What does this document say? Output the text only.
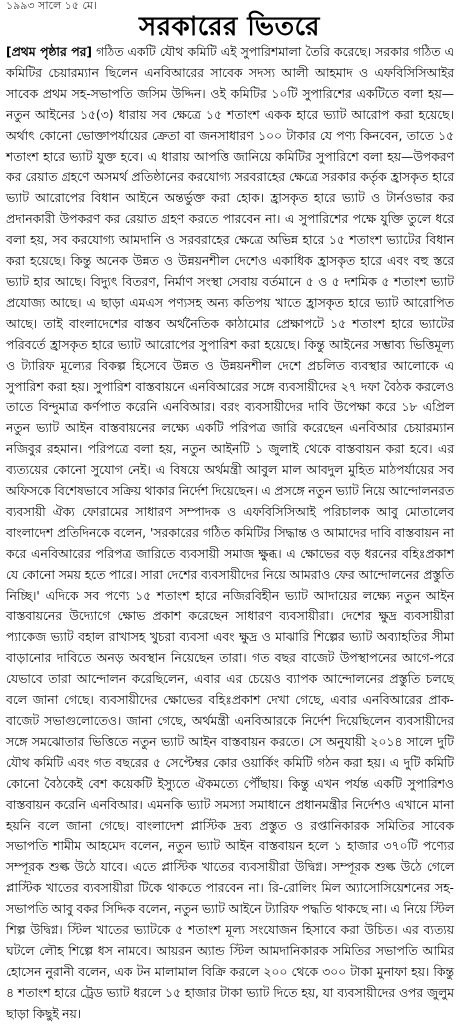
১৯৯৩ সালে ১৫ মে।
সরকারের ভিতরে

[প্রথম পৃষ্ঠার পর] গঠিত একটি যৌথ কমিটি এই সুপারিশমালা তৈরি করেছে। সরকার গঠিত এ কমিটির চেয়ারম্যান ছিলেন এনবিআরের সাবেক সদস্য আলী আহমাদ ও এফবিসিসিআইর সাবেক প্রথম সহ-সভাপতি জসিম উদ্দিন। ওই কমিটির ১০টি সুপারিশের একটিতে বলা হয়—নতুন আইনের ১৫(৩) ধারায় সব ক্ষেত্রে ১৫ শতাংশ একক হারে ভ্যাট আরোপ করা হয়েছে। অর্থাৎ কোনো ভোক্তাপর্যায়ের ক্রেতা বা জনসাধারণ ১০০ টাকার যে পণ্য কিনবেন, তাতে ১৫ শতাংশ হারে ভ্যাট যুক্ত হবে। এ ধারায় আপত্তি জানিয়ে কমিটির সুপারিশে বলা হয়—উপকরণ কর রেয়াত গ্রহণে অসমর্থ প্রতিষ্ঠানের করযোগ্য সরবরাহের ক্ষেত্রে সরকার কর্তৃক হ্রাসকৃত হারে ভ্যাট আরোপের বিধান আইনে অন্তর্ভুক্ত করা হোক। হ্রাসকৃত হারে ভ্যাট ও টার্নওভার কর প্রদানকারী উপকরণ কর রেয়াত গ্রহণ করতে পারবেন না। এ সুপারিশের পক্ষে যুক্তি তুলে ধরে বলা হয়, সব করযোগ্য আমদানি ও সরবরাহের ক্ষেত্রে অভিন্ন হারে ১৫ শতাংশ ভ্যাটের বিধান করা হয়েছে। কিন্তু অনেক উন্নত ও উন্নয়নশীল দেশেও একাধিক হ্রাসকৃত হারে এবং বহু স্তরে ভ্যাট হার আছে। বিদ্যুৎ বিতরণ, নির্মাণ সংস্থা সেবায় বর্তমানে ৫ ও ৫ দশমিক ৫ শতাংশ ভ্যাট প্রযোজ্য আছে। এ ছাড়া এমএস পণ্যসহ অন্য কতিপয় খাতে হ্রাসকৃত হারে ভ্যাট আরোপিত আছে। তাই বাংলাদেশের বাস্তব অর্থনৈতিক কাঠামোর প্রেক্ষাপটে ১৫ শতাংশ হারে ভ্যাটের পরিবর্তে হ্রাসকৃত হারে ভ্যাট আরোপের সুপারিশ করা হয়েছে। কিন্তু আইনের সম্ভাব্য ভিত্তিমূল্য ও ট্যারিফ মূল্যের বিকল্প হিসেবে উন্নত ও উন্নয়নশীল দেশে প্রচলিত ব্যবস্থার আলোকে এ সুপারিশ করা হয়। সুপারিশ বাস্তবায়নে এনবিআরের সঙ্গে ব্যবসায়ীদের ২৭ দফা বৈঠক করলেও তাতে বিন্দুমাত্র কর্ণপাত করেনি এনবিআর। বরং ব্যবসায়ীদের দাবি উপেক্ষা করে ১৮ এপ্রিল নতুন ভ্যাট আইন বাস্তবায়নের লক্ষ্যে একটি পরিপত্র জারি করেছেন এনবিআর চেয়ারম্যান নজিবুর রহমান। পরিপত্রে বলা হয়, নতুন আইনটি ১ জুলাই থেকে বাস্তবায়ন করা হবে। এর ব্যত্যয়ের কোনো সুযোগ নেই। এ বিষয়ে অর্থমন্ত্রী আবুল মাল আবদুল মুহিত মাঠপর্যায়ের সব অফিসকে বিশেষভাবে সক্রিয় থাকার নির্দেশ দিয়েছেন। এ প্রসঙ্গে নতুন ভ্যাট নিয়ে আন্দোলনরত ব্যবসায়ী ঐক্য ফোরামের সাধারণ সম্পাদক ও এফবিসিসিআই পরিচালক আবু মোতালেব বাংলাদেশ প্রতিদিনকে বলেন, 'সরকারের গঠিত কমিটির সিদ্ধান্ত ও আমাদের দাবি বাস্তবায়ন না করে এনবিআরের পরিপত্র জারিতে ব্যবসায়ী সমাজ ক্ষুব্ধ। এ ক্ষোভের বড় ধরনের বহিঃপ্রকাশ যে কোনো সময় হতে পারে। সারা দেশের ব্যবসায়ীদের নিয়ে আমরাও ফের আন্দোলনের প্রস্তুতি নিচ্ছি।' এদিকে সব পণ্যে ১৫ শতাংশ হারে নজিরবিহীন ভ্যাট আদায়ের লক্ষ্যে নতুন আইন বাস্তবায়নের উদ্যোগে ক্ষোভ প্রকাশ করেছেন সাধারণ ব্যবসায়ীরা। দেশের ক্ষুদ্র ব্যবসায়ীরা প্যাকেজ ভ্যাট বহাল রাখাসহ খুচরা ব্যবসা এবং ক্ষুদ্র ও মাঝারি শিল্পের ভ্যাট অব্যাহতির সীমা বাড়ানোর দাবিতে অনড় অবস্থান নিয়েছেন তারা। গত বছর বাজেট উপস্থাপনের আগে-পরে যেভাবে তারা আন্দোলন করেছিলেন, এবার এর চেয়েও ব্যাপক আন্দোলনের প্রস্তুতি চলছে বলে জানা গেছে। ব্যবসায়ীদের ক্ষোভের বহিঃপ্রকাশ দেখা গেছে, এবার এনবিআরের প্রাক-বাজেট সভাগুলোতেও। জানা গেছে, অর্থমন্ত্রী এনবিআরকে নির্দেশ দিয়েছিলেন ব্যবসায়ীদের সঙ্গে সমঝোতার ভিত্তিতে নতুন ভ্যাট আইন বাস্তবায়ন করতে। সে অনুযায়ী ২০১৪ সালে দুটি যৌথ কমিটি এবং গত বছরের ৫ সেপ্টেম্বর কোর ওয়ার্কিং কমিটি গঠন করা হয়। এ দুটি কমিটি কোনো বৈঠকেই বেশ কয়েকটি ইস্যুতে ঐকমত্যে পৌঁছায়। কিন্তু এখন পর্যন্ত একটি সুপারিশও বাস্তবায়ন করেনি এনবিআর। এমনকি ভ্যাট সমস্যা সমাধানে প্রধানমন্ত্রীর নির্দেশও এখানে মানা হয়নি বলে জানা গেছে। বাংলাদেশ প্লাস্টিক দ্রব্য প্রস্তুত ও রপ্তানিকারক সমিতির সাবেক সভাপতি শামীম আহমেদ বলেন, নতুন ভ্যাট আইন বাস্তবায়ন হলে ১ হাজার ৩৭০টি পণ্যের সম্পূরক শুল্ক উঠে যাবে। এতে প্লাস্টিক খাতের ব্যবসায়ীরা উদ্বিগ্ন। সম্পূরক শুল্ক উঠে গেলে প্লাস্টিক খাতের ব্যবসায়ীরা টিকে থাকতে পারবেন না। রি-রোলিং মিল অ্যাসোসিয়েশনের সহ-সভাপতি আবু বকর সিদ্দিক বলেন, নতুন ভ্যাট আইনে ট্যারিফ পদ্ধতি থাকছে না। এ নিয়ে স্টিল শিল্প উদ্বিগ্ন। স্টিল খাতের ভ্যাটকে ৫ শতাংশ মূল্য সংযোজন হিসাবে করা উচিত। এর ব্যত্যয় ঘটলে লৌহ শিল্পে ধস নামবে। আয়রন অ্যান্ড স্টিল আমদানিকারক সমিতির সভাপতি আমির হোসেন নুরানী বলেন, এক টন মালামাল বিক্রি করলে ২০০ থেকে ৩০০ টাকা মুনাফা হয়। কিন্তু ৪ শতাংশ হারে ট্রেড ভ্যাট ধরলে ১৫ হাজার টাকা ভ্যাট দিতে হয়, যা ব্যবসায়ীদের ওপর জুলুম ছাড়া কিছুই নয়।
